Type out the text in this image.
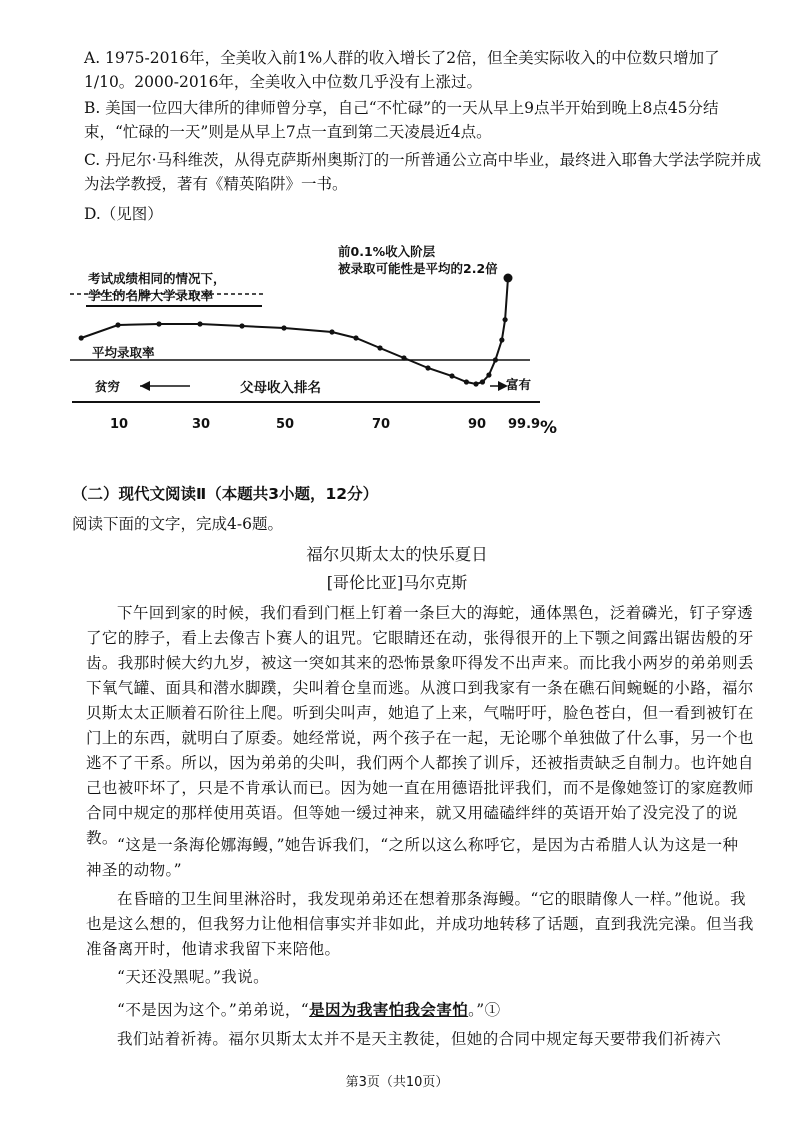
A. 1975-2016年，全美收入前1%人群的收入增长了2倍，但全美实际收入的中位数只增加了1/10。2000-2016年，全美收入中位数几乎没有上涨过。

B. 美国一位四大律所的律师曾分享，自己“不忙碌”的一天从早上9点半开始到晚上8点45分结束，“忙碌的一天”则是从早上7点一直到第二天凌晨近4点。

C. 丹尼尔·马科维茨，从得克萨斯州奥斯汀的一所普通公立高中毕业，最终进入耶鲁大学法学院并成为法学教授，著有《精英陷阱》一书。

D.（见图）

前0.1%收入阶层
被录取可能性是平均的2.2倍
考试成绩相同的情况下，
学生的名牌大学录取率
平均录取率
贫穷	父母收入排名	富有
10	30	50	70	90 99.9 %

（二）现代文阅读Ⅱ（本题共3小题，12分）

阅读下面的文字，完成4-6题。

福尔贝斯太太的快乐夏日

[哥伦比亚]马尔克斯

下午回到家的时候，我们看到门框上钉着一条巨大的海蛇，通体黑色，泛着磷光，钉子穿透了它的脖子，看上去像吉卜赛人的诅咒。它眼睛还在动，张得很开的上下颚之间露出锯齿般的牙齿。我那时候大约九岁，被这一突如其来的恐怖景象吓得发不出声来。而比我小两岁的弟弟则丢下氧气罐、面具和潜水脚蹼，尖叫着仓皇而逃。从渡口到我家有一条在礁石间蜿蜒的小路，福尔贝斯太太正顺着石阶往上爬。听到尖叫声，她追了上来，气喘吁吁，脸色苍白，但一看到被钉在门上的东西，就明白了原委。她经常说，两个孩子在一起，无论哪个单独做了什么事，另一个也逃不了干系。所以，因为弟弟的尖叫，我们两个人都挨了训斥，还被指责缺乏自制力。也许她自己也被吓坏了，只是不肯承认而已。因为她一直在用德语批评我们，而不是像她签订的家庭教师合同中规定的那样使用英语。但等她一缓过神来，就又用磕磕绊绊的英语开始了没完没了的说教。 “这是一条海伦娜海鳗，”她告诉我们，“之所以这么称呼它，是因为古希腊人认为这是一种神圣的动物。”

在昏暗的卫生间里淋浴时，我发现弟弟还在想着那条海鳗。“它的眼睛像人一样。”他说。我也是这么想的，但我努力让他相信事实并非如此，并成功地转移了话题，直到我洗完澡。但当我准备离开时，他请求我留下来陪他。

“天还没黑呢。”我说。

“不是因为这个。”弟弟说，“是因为我害怕我会害怕。”①

我们站着祈祷。福尔贝斯太太并不是天主教徒，但她的合同中规定每天要带我们祈祷六

第3页（共10页）
